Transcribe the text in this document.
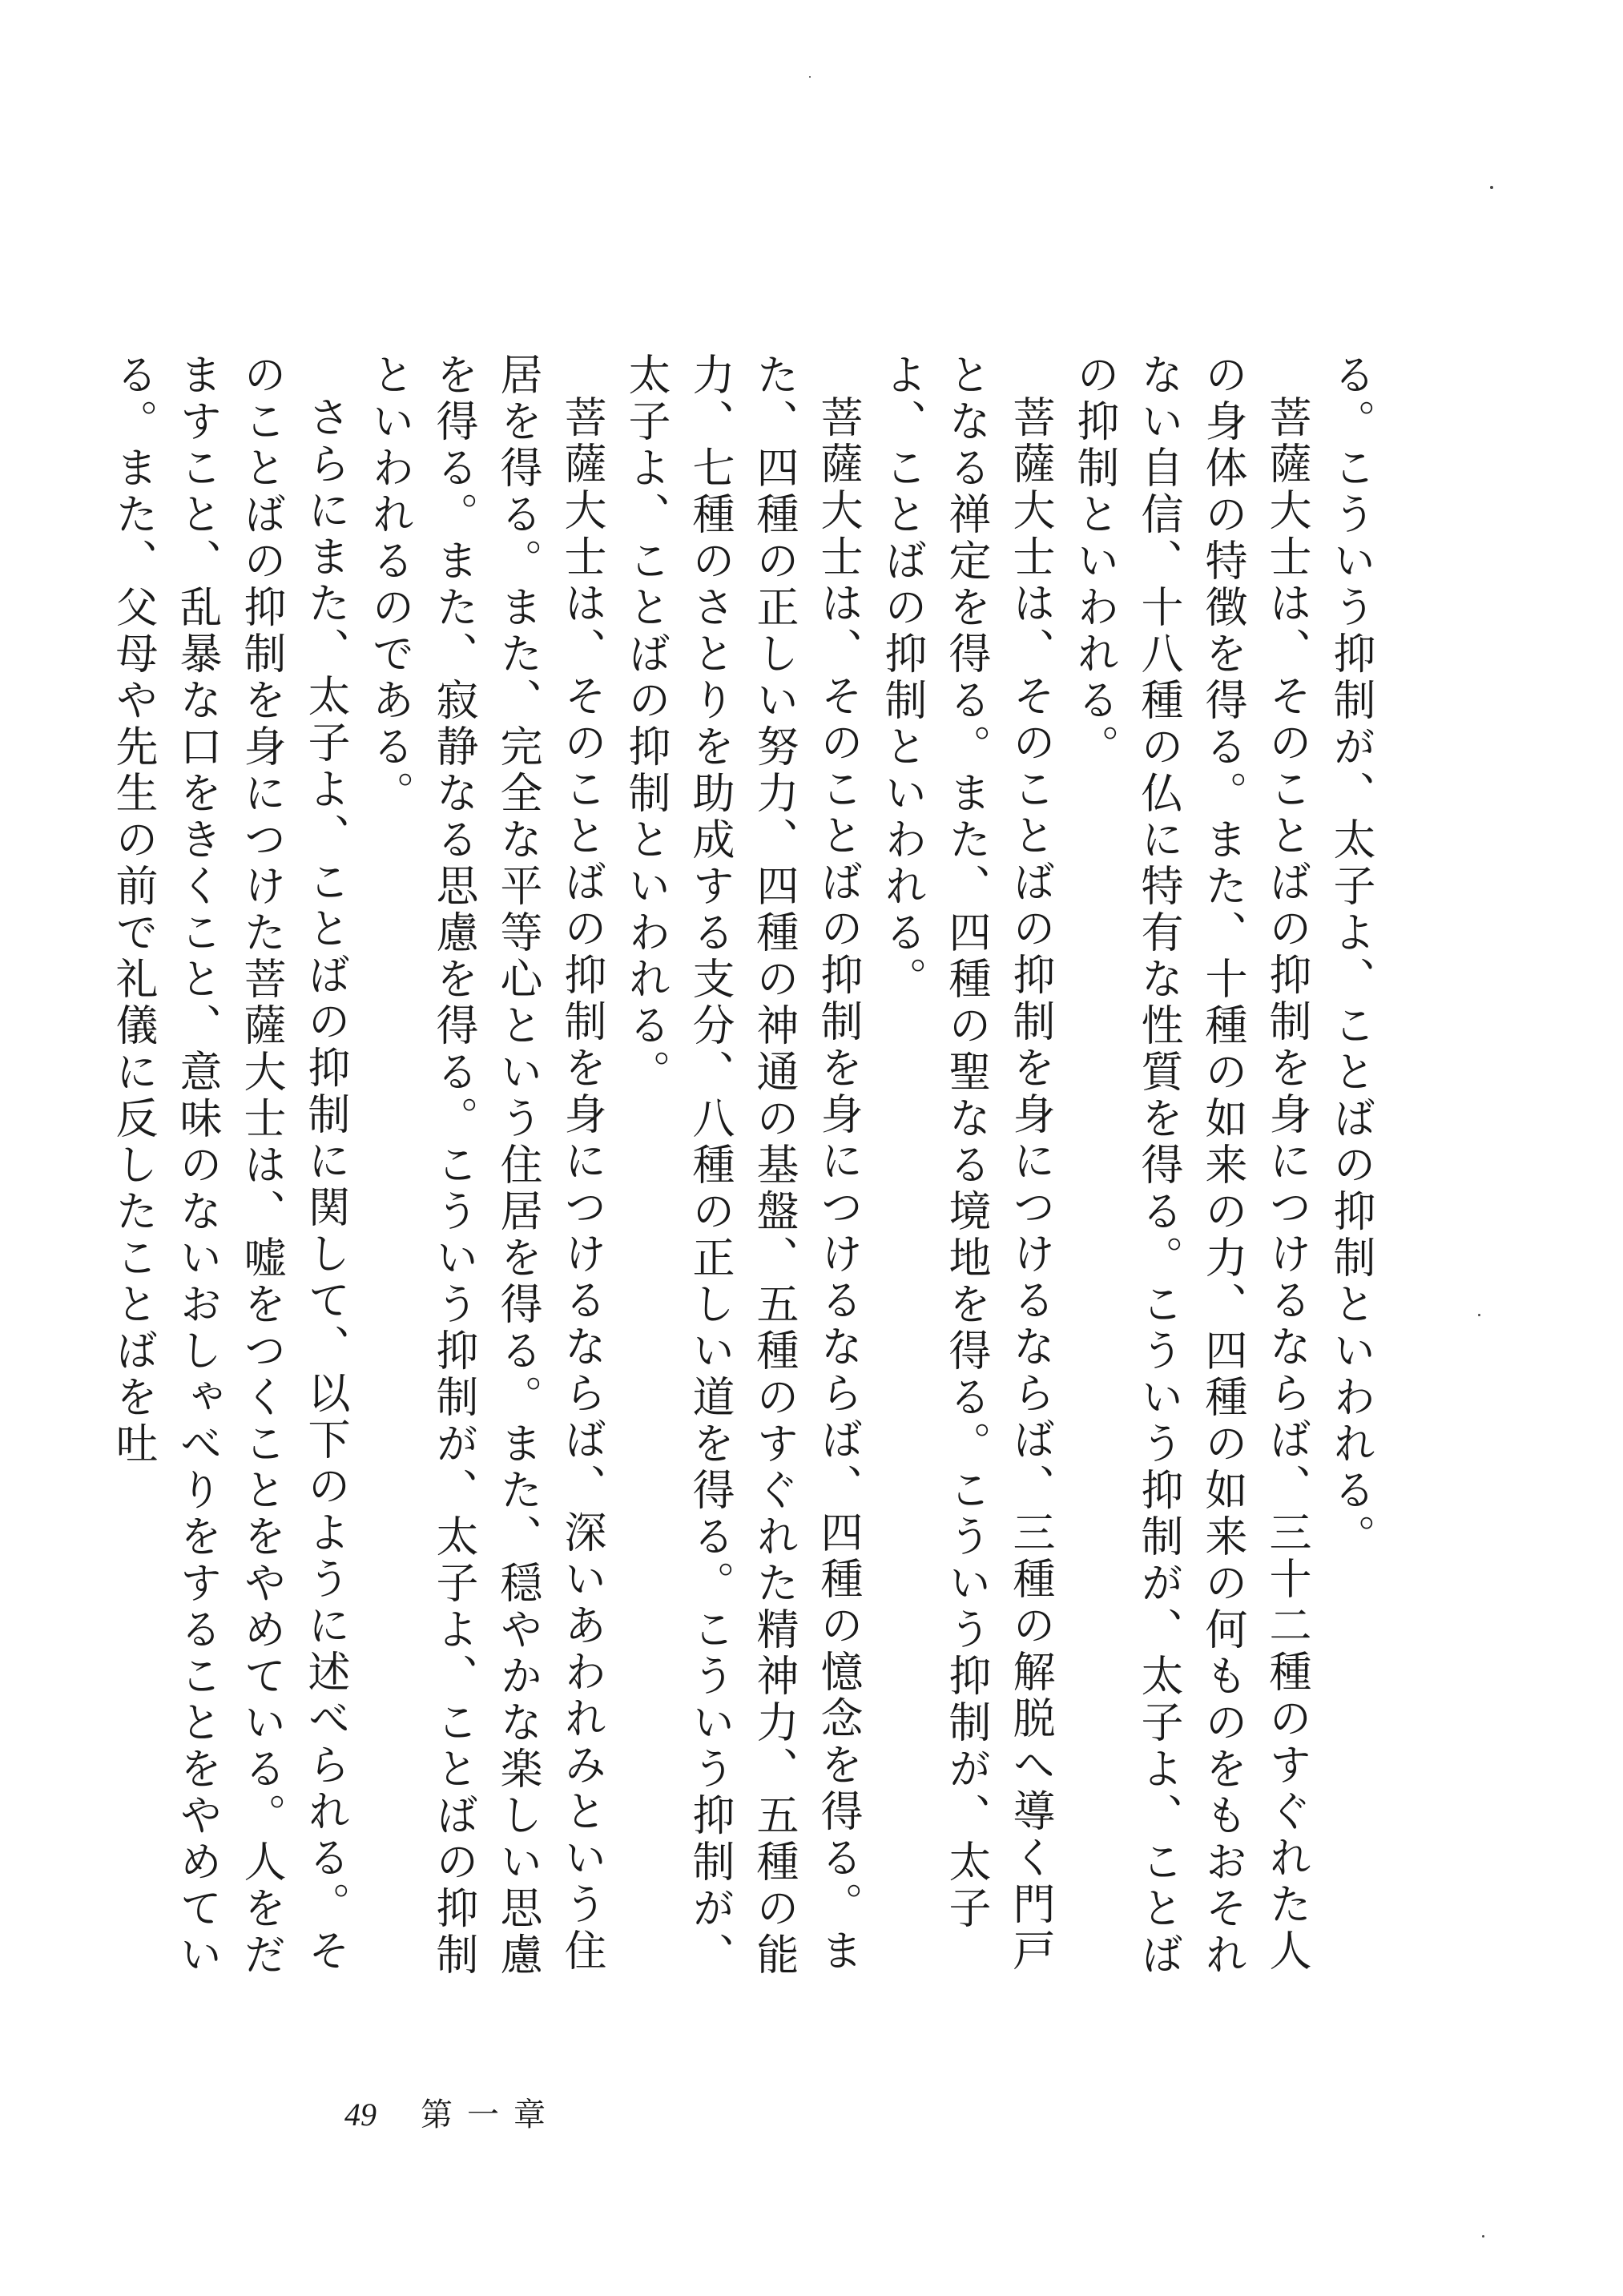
る。こういう抑制が、太子よ、ことばの抑制といわれる。

菩薩大士は、そのことばの抑制を身につけるならば、三十二種のすぐれた人の身体の特徴を得る。また、十種の如来の力、四種の如来の何ものをもおそれない自信、十八種の仏に特有な性質を得る。こういう抑制が、太子よ、ことばの抑制といわれる。

菩薩大士は、そのことばの抑制を身につけるならば、三種の解脱へ導く門戸となる禅定を得る。また、四種の聖なる境地を得る。こういう抑制が、太子よ、ことばの抑制といわれる。

菩薩大士は、そのことばの抑制を身につけるならば、四種の憶念を得る。また、四種の正しい努力、四種の神通の基盤、五種のすぐれた精神力、五種の能力、七種のさとりを助成する支分、八種の正しい道を得る。こういう抑制が、太子よ、ことばの抑制といわれる。

菩薩大士は、そのことばの抑制を身につけるならば、深いあわれみという住居を得る。また、完全な平等心という住居を得る。また、穏やかな楽しい思慮を得る。また、寂静なる思慮を得る。こういう抑制が、太子よ、ことばの抑制といわれるのである。

さらにまた、太子よ、ことばの抑制に関して、以下のように述べられる。そのことばの抑制を身につけた菩薩大士は、嘘をつくことをやめている。人をだますこと、乱暴な口をきくこと、意味のないおしゃべりをすることをやめている。また、父母や先生の前で礼儀に反したことばを吐

49 第一章
